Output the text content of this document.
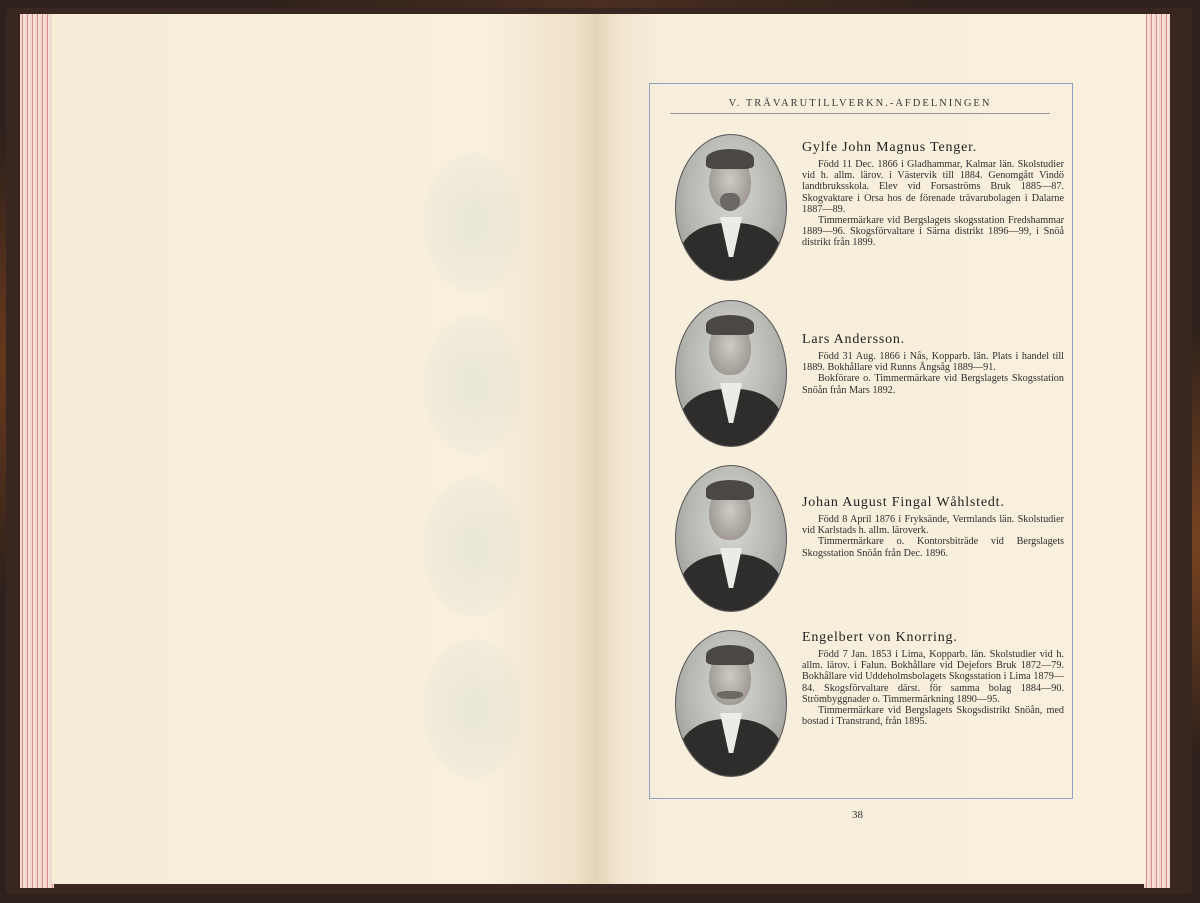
V. TRÄVARUTILLVERKN.-AFDELNINGEN
Gylfe John Magnus Tenger.

Född 11 Dec. 1866 i Gladhammar, Kalmar län. Skolstudier vid h. allm. lärov. i Västervik till 1884. Genomgått Vindö landtbruksskola. Elev vid Forsaströms Bruk 1885—87. Skogvaktare i Orsa hos de förenade trävarubolagen i Dalarne 1887—89.

Timmermärkare vid Bergslagets skogsstation Fredshammar 1889—96. Skogsförvaltare i Särna distrikt 1896—99, i Snöå distrikt från 1899.

Lars Andersson.

Född 31 Aug. 1866 i Nås, Kopparb. län. Plats i handel till 1889. Bokhållare vid Runns Ångsåg 1889—91.

Bokförare o. Timmermärkare vid Bergslagets Skogsstation Snöån från Mars 1892.

Johan August Fingal Wåhlstedt.

Född 8 April 1876 i Fryksände, Vermlands län. Skolstudier vid Karlstads h. allm. läroverk.

Timmermärkare o. Kontorsbiträde vid Bergslagets Skogsstation Snöån från Dec. 1896.

Engelbert von Knorring.

Född 7 Jan. 1853 i Lima, Kopparb. län. Skolstudier vid h. allm. lärov. i Falun. Bokhållare vid Dejefors Bruk 1872—79. Bokhållare vid Uddeholmsbolagets Skogsstation i Lima 1879—84. Skogsförvaltare därst. för samma bolag 1884—90. Strömbyggnader o. Timmermärkning 1890—95.

Timmermärkare vid Bergslagets Skogsdistrikt Snöån, med bostad i Transtrand, från 1895.

38
